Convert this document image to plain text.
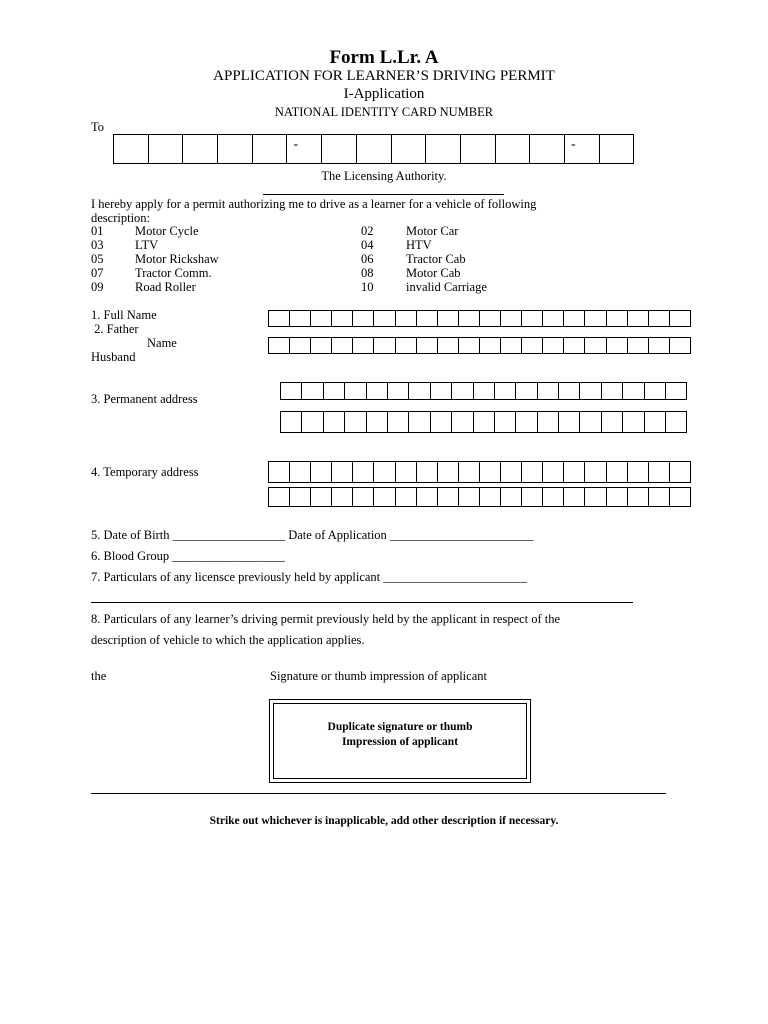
Form L.Lr. A
APPLICATION FOR LEARNER’S DRIVING PERMIT
I-Application
NATIONAL IDENTITY CARD NUMBER
To
-	-
The Licensing Authority.
I hereby apply for a permit authorizing me to drive as a learner for a vehicle of following
description:
01	Motor Cycle	02	Motor Car
03	LTV	04	HTV
05	Motor Rickshaw	06	Tractor Cab
07	Tractor Comm.	08	Motor Cab
09	Road Roller	10	invalid Carriage
1. Full Name
2. Father
Name
Husband
3. Permanent address
4. Temporary address
5. Date of Birth __________________ Date of Application _______________________
6. Blood Group __________________
7. Particulars of any licensce previously held by applicant _______________________
8. Particulars of any learner’s driving permit previously held by the applicant in respect of the
description of vehicle to which the application applies.
the	Signature or thumb impression of applicant
Duplicate signature or thumb
Impression of applicant
Strike out whichever is inapplicable, add other description if necessary.
